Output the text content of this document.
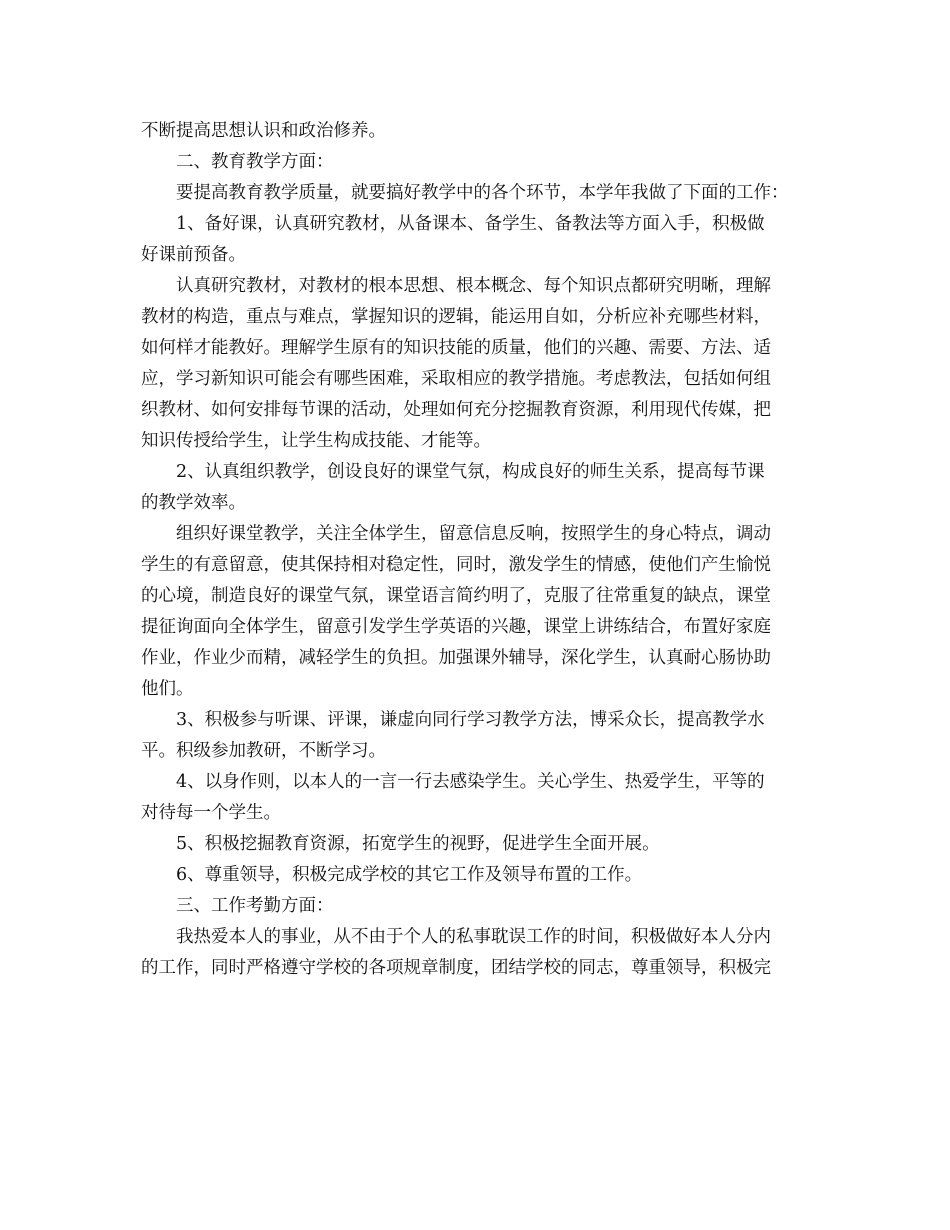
不断提高思想认识和政治修养。
二、教育教学方面：
要提高教育教学质量，就要搞好教学中的各个环节，本学年我做了下面的工作：
1、备好课，认真研究教材，从备课本、备学生、备教法等方面入手，积极做
好课前预备。
认真研究教材，对教材的根本思想、根本概念、每个知识点都研究明晰，理解
教材的构造，重点与难点，掌握知识的逻辑，能运用自如，分析应补充哪些材料，
如何样才能教好。理解学生原有的知识技能的质量，他们的兴趣、需要、方法、适
应，学习新知识可能会有哪些困难，采取相应的教学措施。考虑教法，包括如何组
织教材、如何安排每节课的活动，处理如何充分挖掘教育资源，利用现代传媒，把
知识传授给学生，让学生构成技能、才能等。
2、认真组织教学，创设良好的课堂气氛，构成良好的师生关系，提高每节课
的教学效率。
组织好课堂教学，关注全体学生，留意信息反响，按照学生的身心特点，调动
学生的有意留意，使其保持相对稳定性，同时，激发学生的情感，使他们产生愉悦
的心境，制造良好的课堂气氛，课堂语言简约明了，克服了往常重复的缺点，课堂
提征询面向全体学生，留意引发学生学英语的兴趣，课堂上讲练结合，布置好家庭
作业，作业少而精，减轻学生的负担。加强课外辅导，深化学生，认真耐心肠协助
他们。
3、积极参与听课、评课，谦虚向同行学习教学方法，博采众长，提高教学水
平。积级参加教研，不断学习。
4、以身作则，以本人的一言一行去感染学生。关心学生、热爱学生，平等的
对待每一个学生。
5、积极挖掘教育资源，拓宽学生的视野，促进学生全面开展。
6、尊重领导，积极完成学校的其它工作及领导布置的工作。
三、工作考勤方面：
我热爱本人的事业，从不由于个人的私事耽误工作的时间，积极做好本人分内
的工作，同时严格遵守学校的各项规章制度，团结学校的同志，尊重领导，积极完
